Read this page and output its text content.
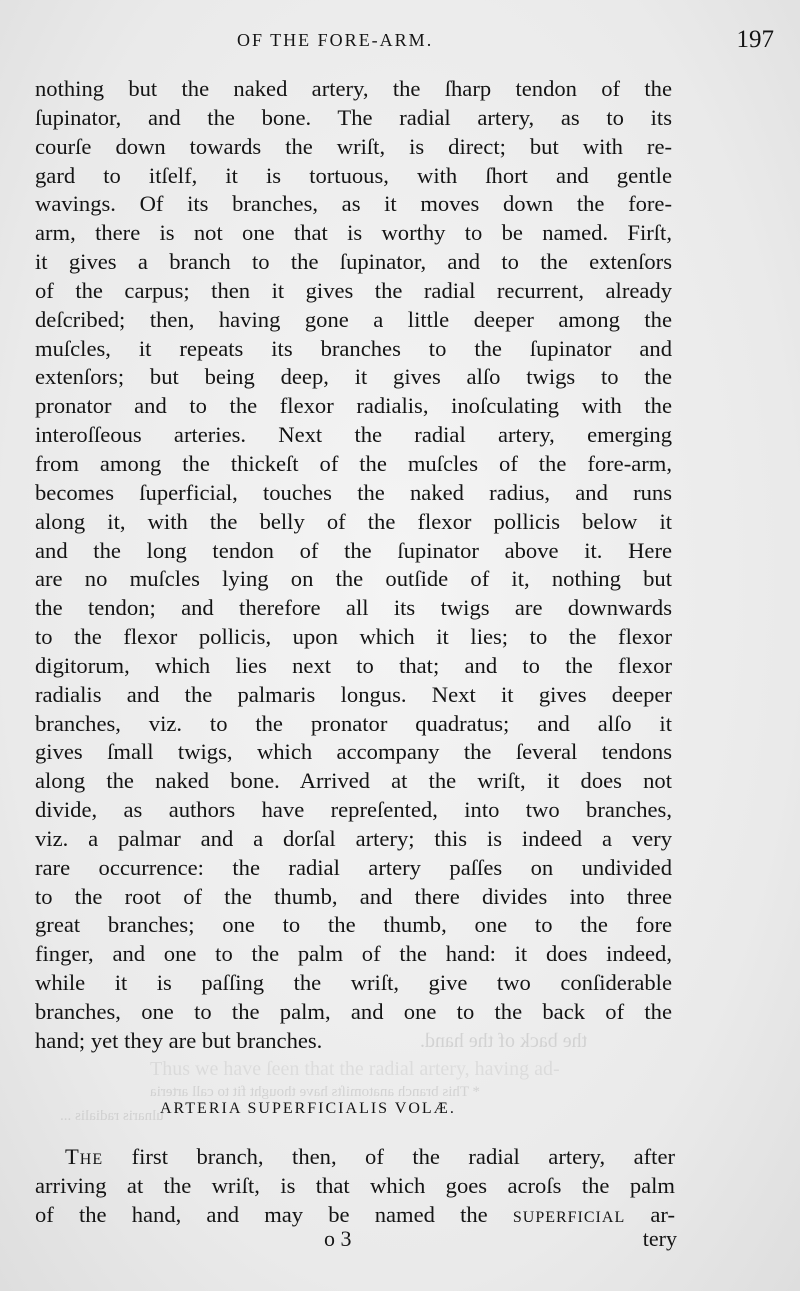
the back of the hand.
Thus we have ſeen that the radial artery, having ad-
* This branch anatomiſts have thought fit to call arteria
ulnaris radialis ...
OF THE FORE-ARM.	197
nothing but the naked artery, the ſharp tendon of the
ſupinator, and the bone. The radial artery, as to its
courſe down towards the wriſt, is direct; but with re-
gard to itſelf, it is tortuous, with ſhort and gentle
wavings. Of its branches, as it moves down the fore-
arm, there is not one that is worthy to be named. Firſt,
it gives a branch to the ſupinator, and to the extenſors
of the carpus; then it gives the radial recurrent, already
deſcribed; then, having gone a little deeper among the
muſcles, it repeats its branches to the ſupinator and
extenſors; but being deep, it gives alſo twigs to the
pronator and to the flexor radialis, inoſculating with the
interoſſeous arteries. Next the radial artery, emerging
from among the thickeſt of the muſcles of the fore-arm,
becomes ſuperficial, touches the naked radius, and runs
along it, with the belly of the flexor pollicis below it
and the long tendon of the ſupinator above it. Here
are no muſcles lying on the outſide of it, nothing but
the tendon; and therefore all its twigs are downwards
to the flexor pollicis, upon which it lies; to the flexor
digitorum, which lies next to that; and to the flexor
radialis and the palmaris longus. Next it gives deeper
branches, viz. to the pronator quadratus; and alſo it
gives ſmall twigs, which accompany the ſeveral tendons
along the naked bone. Arrived at the wriſt, it does not
divide, as authors have repreſented, into two branches,
viz. a palmar and a dorſal artery; this is indeed a very
rare occurrence: the radial artery paſſes on undivided
to the root of the thumb, and there divides into three
great branches; one to the thumb, one to the fore
finger, and one to the palm of the hand: it does indeed,
while it is paſſing the wriſt, give two conſiderable
branches, one to the palm, and one to the back of the
hand; yet they are but branches.
ARTERIA SUPERFICIALIS VOLÆ.
The first branch, then, of the radial artery, after
arriving at the wriſt, is that which goes acroſs the palm
of the hand, and may be named the superficial ar-
o 3	tery
